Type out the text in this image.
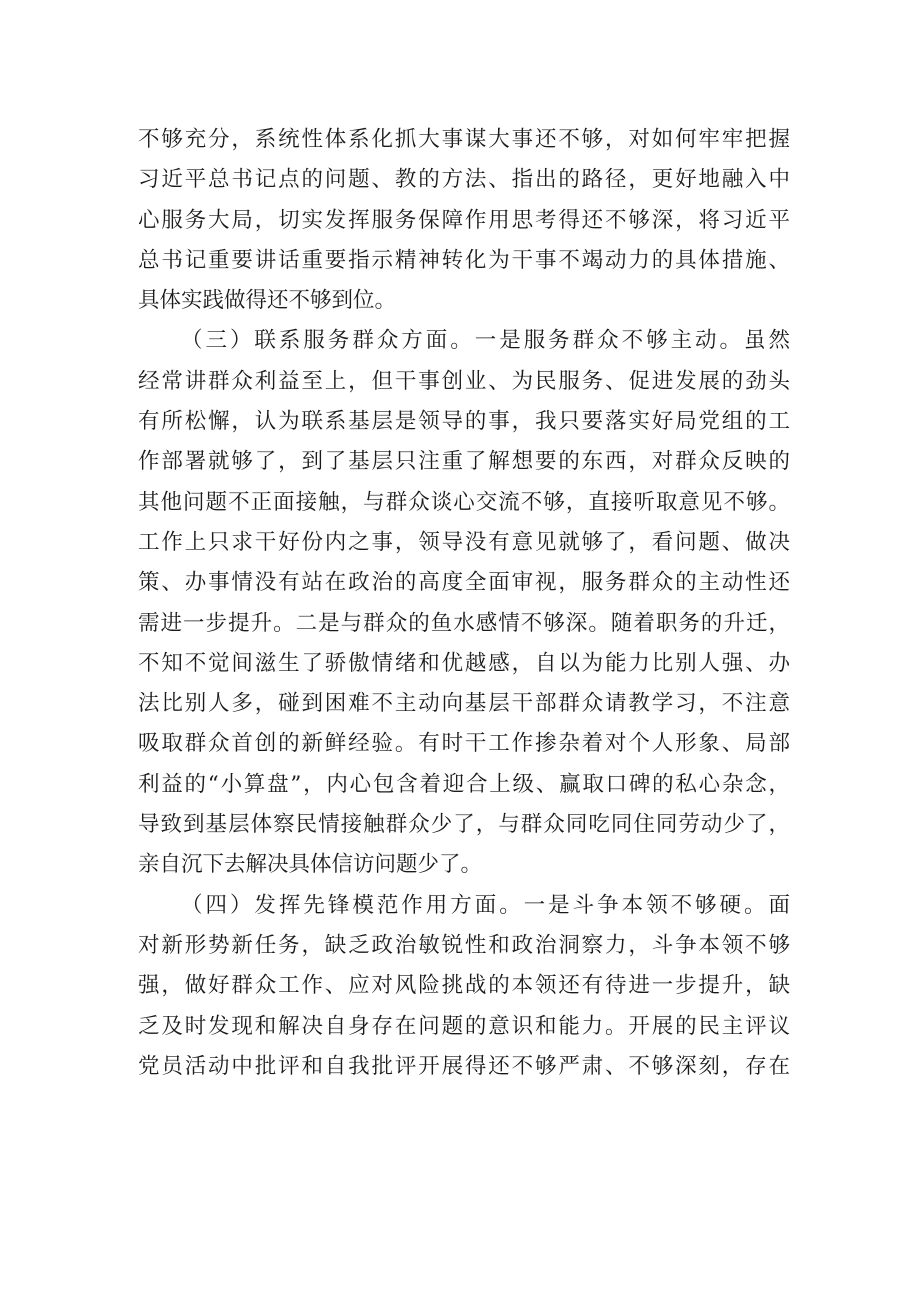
不够充分，系统性体系化抓大事谋大事还不够，对如何牢牢把握
习近平总书记点的问题、教的方法、指出的路径，更好地融入中
心服务大局，切实发挥服务保障作用思考得还不够深，将习近平
总书记重要讲话重要指示精神转化为干事不竭动力的具体措施、
具体实践做得还不够到位。
（三）联系服务群众方面。一是服务群众不够主动。虽然
经常讲群众利益至上，但干事创业、为民服务、促进发展的劲头
有所松懈，认为联系基层是领导的事，我只要落实好局党组的工
作部署就够了，到了基层只注重了解想要的东西，对群众反映的
其他问题不正面接触，与群众谈心交流不够，直接听取意见不够。
工作上只求干好份内之事，领导没有意见就够了，看问题、做决
策、办事情没有站在政治的高度全面审视，服务群众的主动性还
需进一步提升。二是与群众的鱼水感情不够深。随着职务的升迁，
不知不觉间滋生了骄傲情绪和优越感，自以为能力比别人强、办
法比别人多，碰到困难不主动向基层干部群众请教学习，不注意
吸取群众首创的新鲜经验。有时干工作掺杂着对个人形象、局部
利益的“小算盘”，内心包含着迎合上级、赢取口碑的私心杂念，
导致到基层体察民情接触群众少了，与群众同吃同住同劳动少了，
亲自沉下去解决具体信访问题少了。
（四）发挥先锋模范作用方面。一是斗争本领不够硬。面
对新形势新任务，缺乏政治敏锐性和政治洞察力，斗争本领不够
强，做好群众工作、应对风险挑战的本领还有待进一步提升，缺
乏及时发现和解决自身存在问题的意识和能力。开展的民主评议
党员活动中批评和自我批评开展得还不够严肃、不够深刻，存在
